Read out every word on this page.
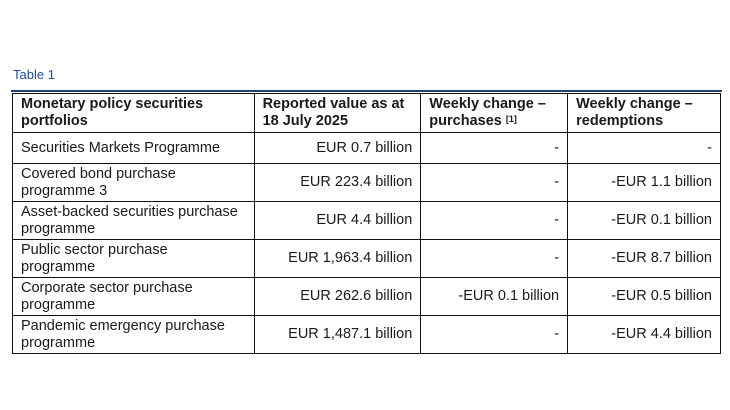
Table 1
Monetary policy securities portfolios	Reported value as at 18 July 2025	Weekly change – purchases [1]	Weekly change – redemptions
Securities Markets Programme	EUR 0.7 billion	-	-
Covered bond purchase programme 3	EUR 223.4 billion	-	-EUR 1.1 billion
Asset-backed securities purchase programme	EUR 4.4 billion	-	-EUR 0.1 billion
Public sector purchase programme	EUR 1,963.4 billion	-	-EUR 8.7 billion
Corporate sector purchase programme	EUR 262.6 billion	-EUR 0.1 billion	-EUR 0.5 billion
Pandemic emergency purchase programme	EUR 1,487.1 billion	-	-EUR 4.4 billion
